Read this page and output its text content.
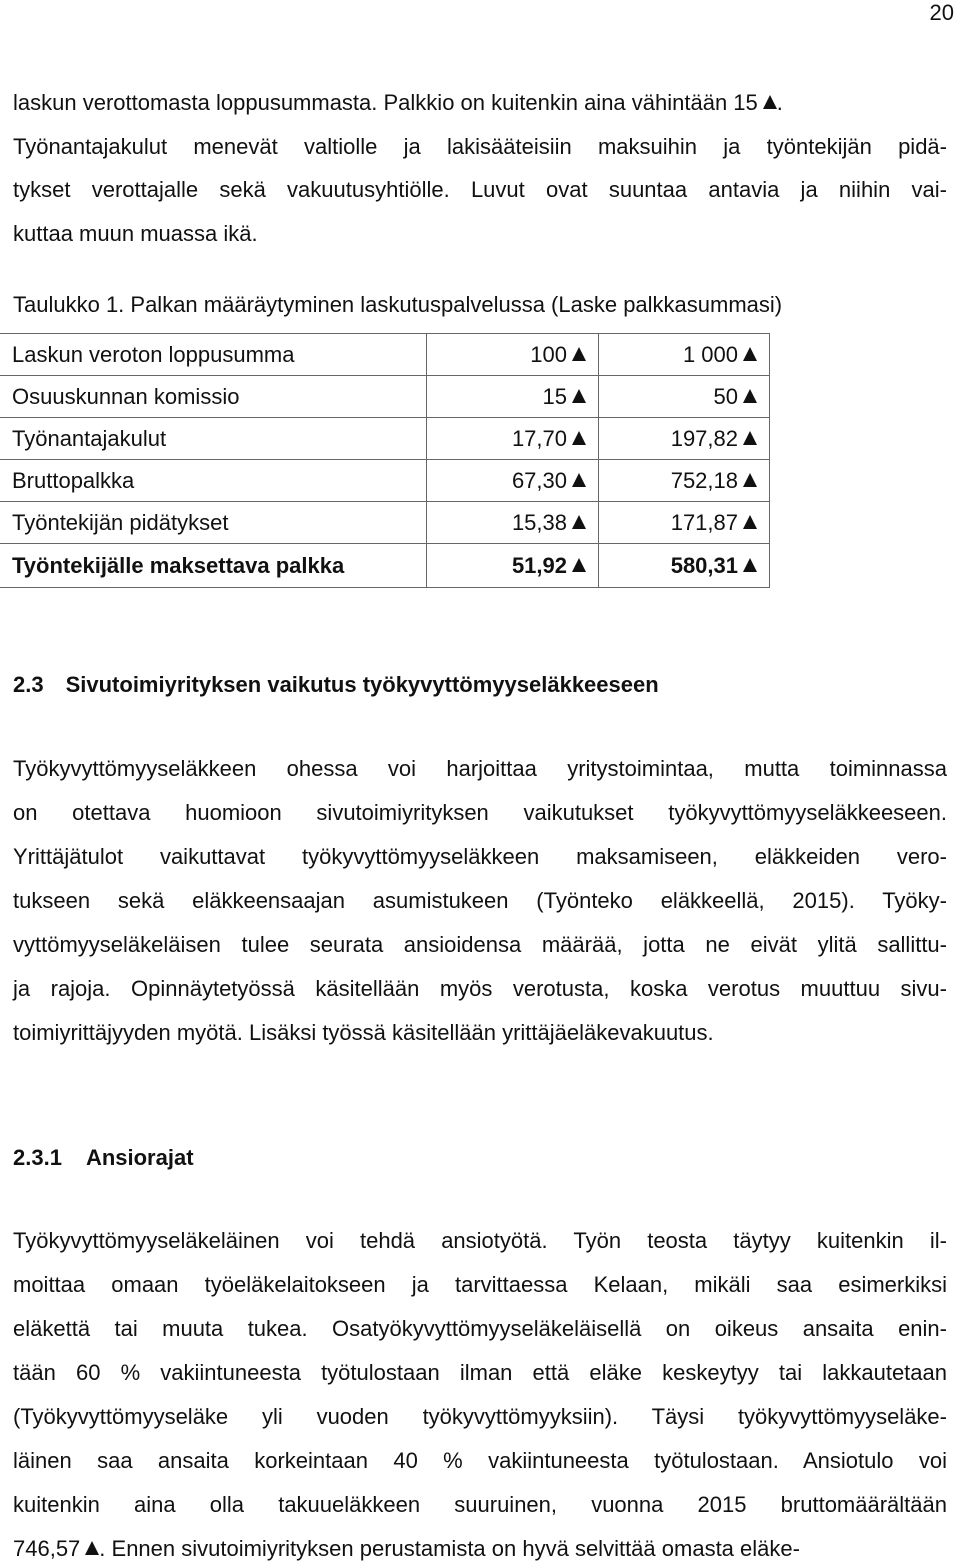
20
laskun verottomasta loppusummasta. Palkkio on kuitenkin aina vähintään 15 .
Työnantajakulut menevät valtiolle ja lakisääteisiin maksuihin ja työntekijän pidä-
tykset verottajalle sekä vakuutusyhtiölle. Luvut ovat suuntaa antavia ja niihin vai-
kuttaa muun muassa ikä.
Taulukko 1. Palkan määräytyminen laskutuspalvelussa (Laske palkkasummasi)
Laskun veroton loppusumma	100	1 000
Osuuskunnan komissio	15	50
Työnantajakulut	17,70	197,82
Bruttopalkka	67,30	752,18
Työntekijän pidätykset	15,38	171,87
Työntekijälle maksettava palkka	51,92	580,31
2.3 Sivutoimiyrityksen vaikutus työkyvyttömyyseläkkeeseen
Työkyvyttömyyseläkkeen ohessa voi harjoittaa yritystoimintaa, mutta toiminnassa
on otettava huomioon sivutoimiyrityksen vaikutukset työkyvyttömyyseläkkeeseen.
Yrittäjätulot vaikuttavat työkyvyttömyyseläkkeen maksamiseen, eläkkeiden vero-
tukseen sekä eläkkeensaajan asumistukeen (Työnteko eläkkeellä, 2015). Työky-
vyttömyyseläkeläisen tulee seurata ansioidensa määrää, jotta ne eivät ylitä sallittu-
ja rajoja. Opinnäytetyössä käsitellään myös verotusta, koska verotus muuttuu sivu-
toimiyrittäjyyden myötä. Lisäksi työssä käsitellään yrittäjäeläkevakuutus.
2.3.1 Ansiorajat
Työkyvyttömyyseläkeläinen voi tehdä ansiotyötä. Työn teosta täytyy kuitenkin il-
moittaa omaan työeläkelaitokseen ja tarvittaessa Kelaan, mikäli saa esimerkiksi
eläkettä tai muuta tukea. Osatyökyvyttömyyseläkeläisellä on oikeus ansaita enin-
tään 60 % vakiintuneesta työtulostaan ilman että eläke keskeytyy tai lakkautetaan
(Työkyvyttömyyseläke yli vuoden työkyvyttömyyksiin). Täysi työkyvyttömyyseläke-
läinen saa ansaita korkeintaan 40 % vakiintuneesta työtulostaan. Ansiotulo voi
kuitenkin aina olla takuueläkkeen suuruinen, vuonna 2015 bruttomäärältään
746,57 . Ennen sivutoimiyrityksen perustamista on hyvä selvittää omasta eläke-
